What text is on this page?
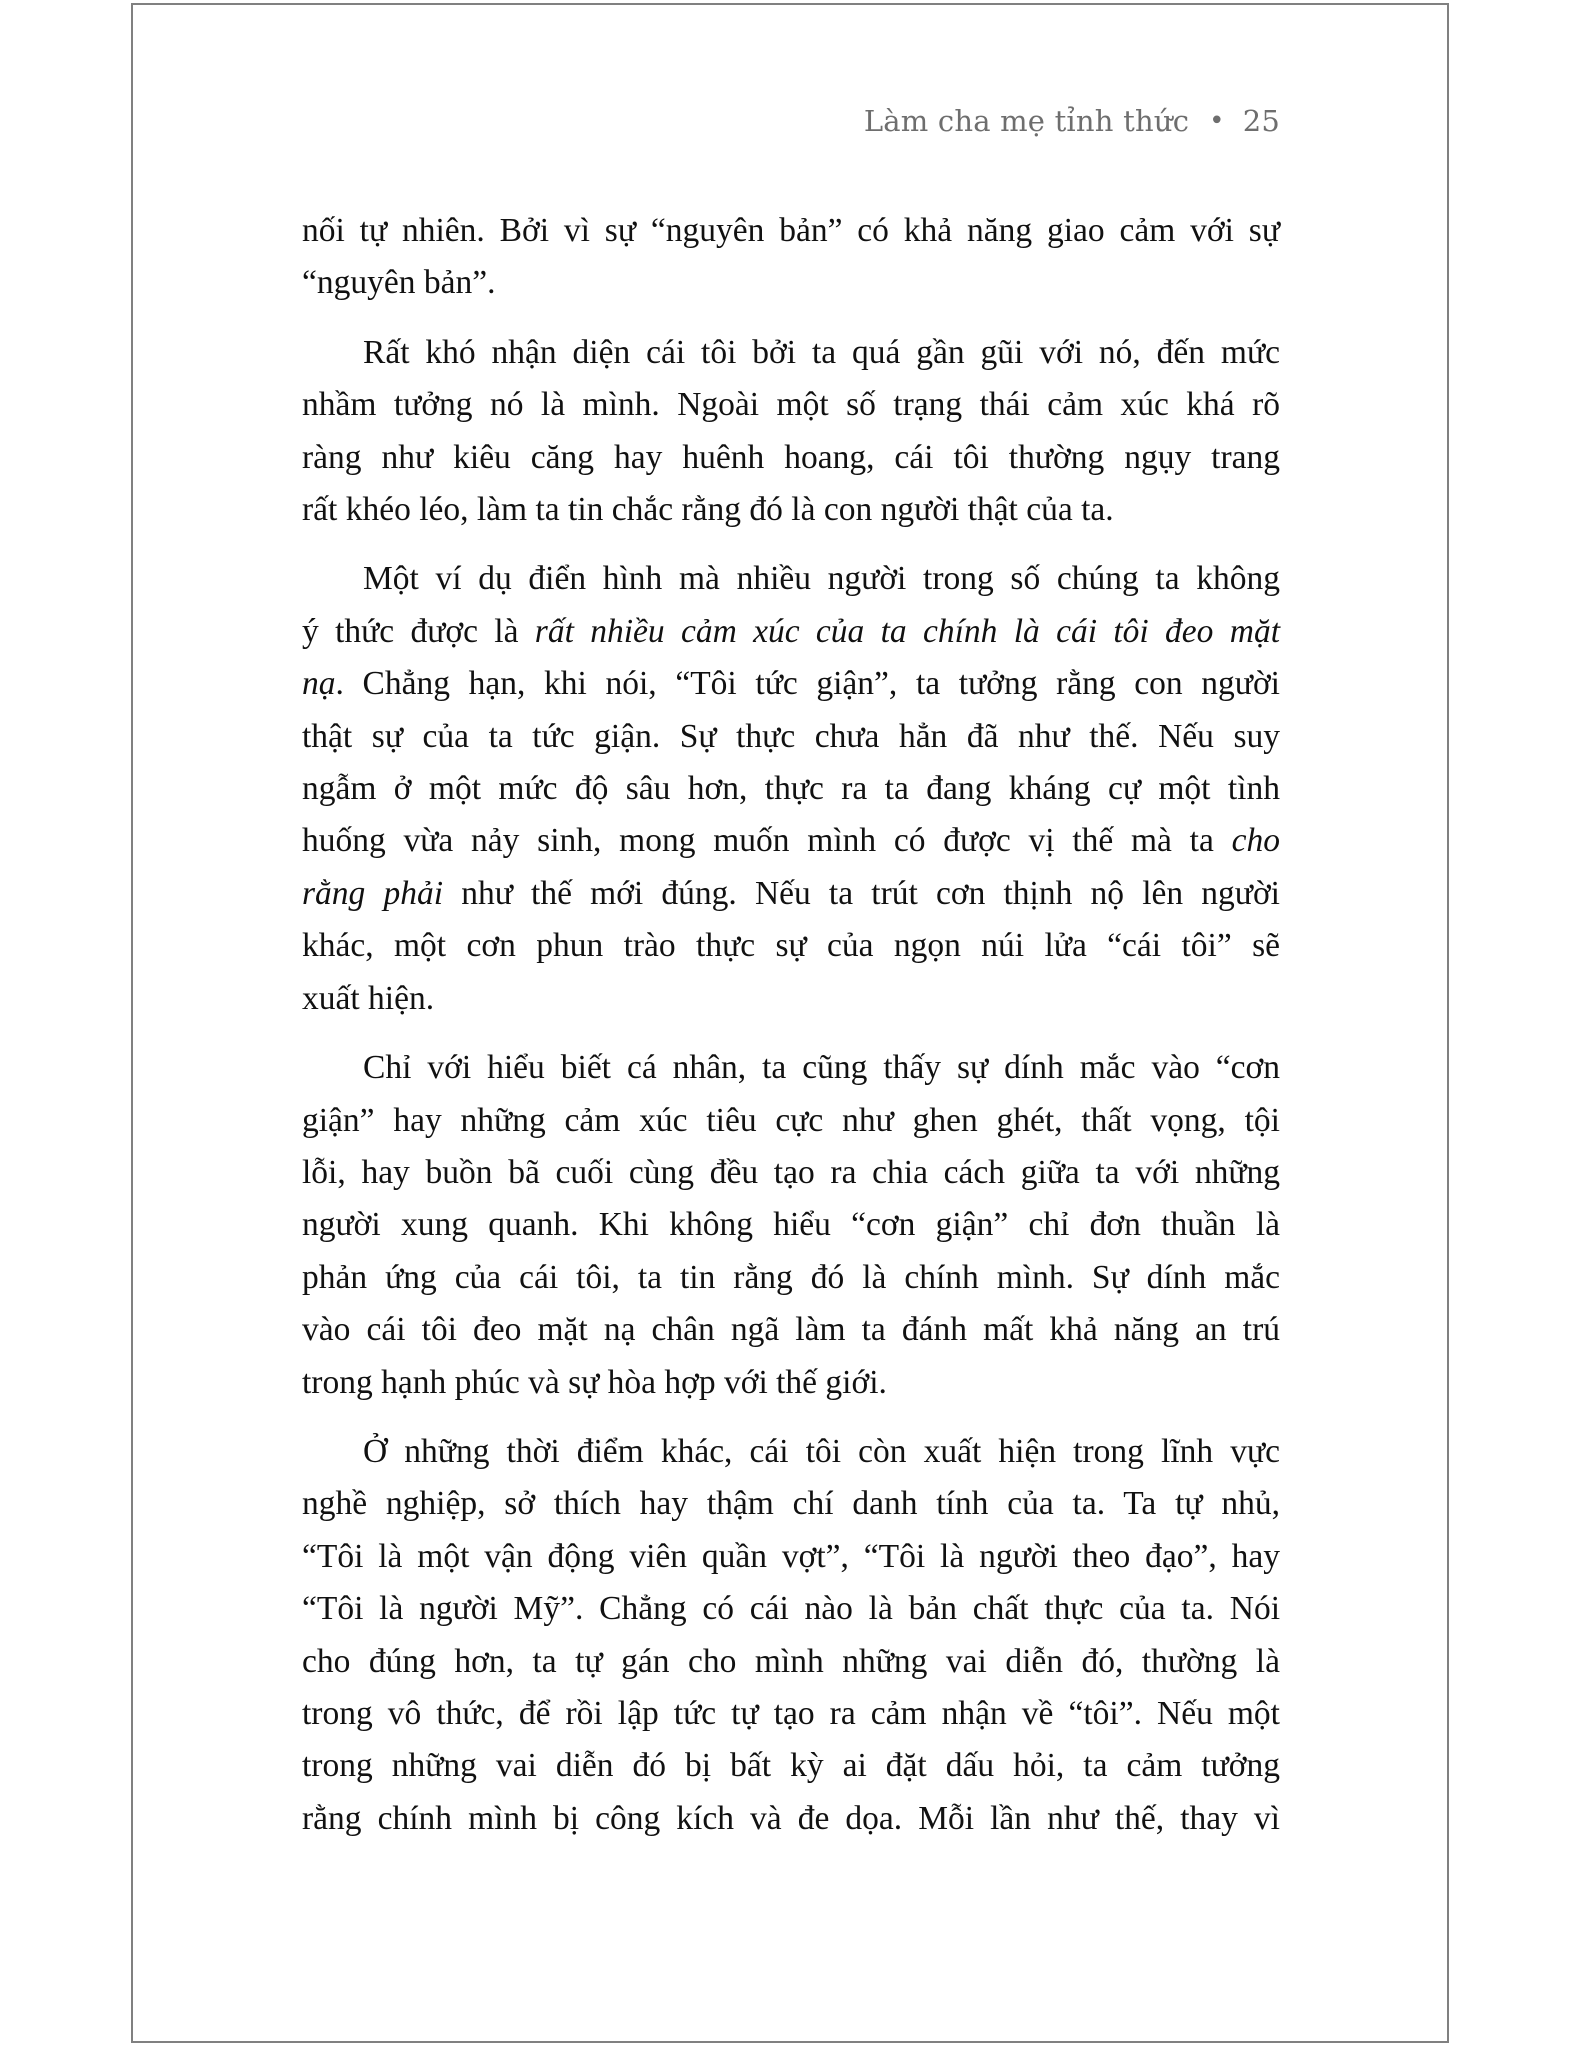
Làm cha mẹ tỉnh thức • 25
nối tự nhiên. Bởi vì sự “nguyên bản” có khả năng giao cảm với sự
“nguyên bản”.
Rất khó nhận diện cái tôi bởi ta quá gần gũi với nó, đến mức
nhầm tưởng nó là mình. Ngoài một số trạng thái cảm xúc khá rõ
ràng như kiêu căng hay huênh hoang, cái tôi thường ngụy trang
rất khéo léo, làm ta tin chắc rằng đó là con người thật của ta.
Một ví dụ điển hình mà nhiều người trong số chúng ta không
ý thức được là rất nhiều cảm xúc của ta chính là cái tôi đeo mặt
nạ. Chẳng hạn, khi nói, “Tôi tức giận”, ta tưởng rằng con người
thật sự của ta tức giận. Sự thực chưa hẳn đã như thế. Nếu suy
ngẫm ở một mức độ sâu hơn, thực ra ta đang kháng cự một tình
huống vừa nảy sinh, mong muốn mình có được vị thế mà ta cho
rằng phải như thế mới đúng. Nếu ta trút cơn thịnh nộ lên người
khác, một cơn phun trào thực sự của ngọn núi lửa “cái tôi” sẽ
xuất hiện.
Chỉ với hiểu biết cá nhân, ta cũng thấy sự dính mắc vào “cơn
giận” hay những cảm xúc tiêu cực như ghen ghét, thất vọng, tội
lỗi, hay buồn bã cuối cùng đều tạo ra chia cách giữa ta với những
người xung quanh. Khi không hiểu “cơn giận” chỉ đơn thuần là
phản ứng của cái tôi, ta tin rằng đó là chính mình. Sự dính mắc
vào cái tôi đeo mặt nạ chân ngã làm ta đánh mất khả năng an trú
trong hạnh phúc và sự hòa hợp với thế giới.
Ở những thời điểm khác, cái tôi còn xuất hiện trong lĩnh vực
nghề nghiệp, sở thích hay thậm chí danh tính của ta. Ta tự nhủ,
“Tôi là một vận động viên quần vợt”, “Tôi là người theo đạo”, hay
“Tôi là người Mỹ”. Chẳng có cái nào là bản chất thực của ta. Nói
cho đúng hơn, ta tự gán cho mình những vai diễn đó, thường là
trong vô thức, để rồi lập tức tự tạo ra cảm nhận về “tôi”. Nếu một
trong những vai diễn đó bị bất kỳ ai đặt dấu hỏi, ta cảm tưởng
rằng chính mình bị công kích và đe dọa. Mỗi lần như thế, thay vì
